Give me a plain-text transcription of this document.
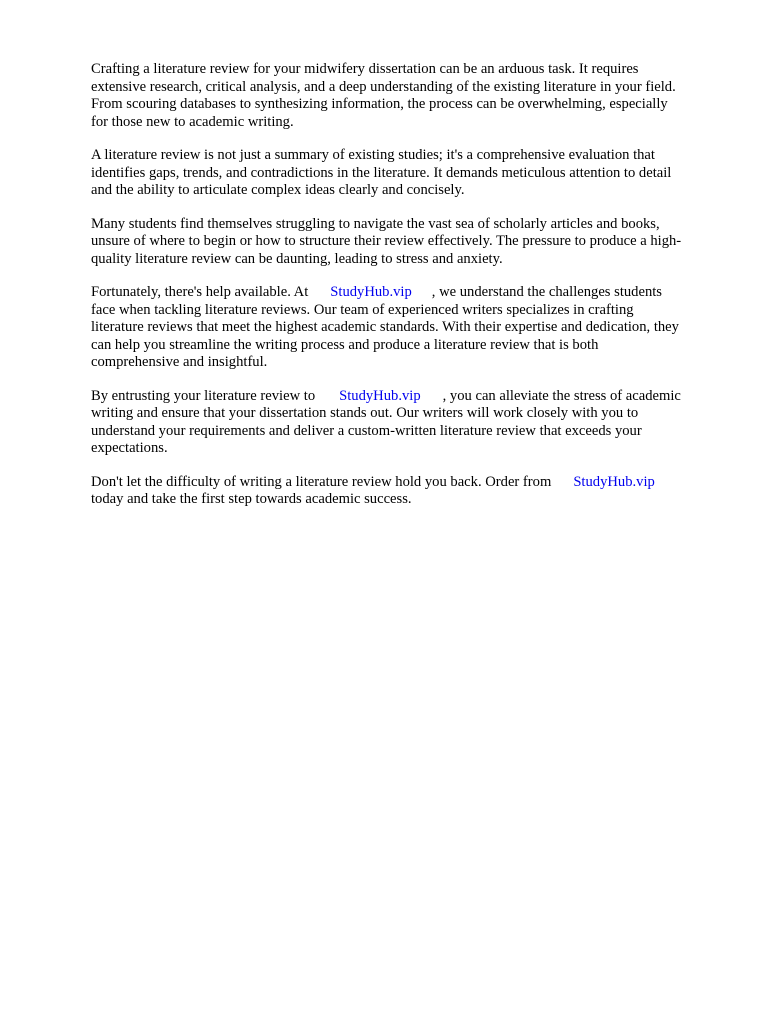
Crafting a literature review for your midwifery dissertation can be an arduous task. It requires
extensive research, critical analysis, and a deep understanding of the existing literature in your field.
From scouring databases to synthesizing information, the process can be overwhelming, especially
for those new to academic writing.

A literature review is not just a summary of existing studies; it's a comprehensive evaluation that
identifies gaps, trends, and contradictions in the literature. It demands meticulous attention to detail
and the ability to articulate complex ideas clearly and concisely.

Many students find themselves struggling to navigate the vast sea of scholarly articles and books,
unsure of where to begin or how to structure their review effectively. The pressure to produce a high-
quality literature review can be daunting, leading to stress and anxiety.

Fortunately, there's help available. At StudyHub.vip , we understand the challenges students
face when tackling literature reviews. Our team of experienced writers specializes in crafting
literature reviews that meet the highest academic standards. With their expertise and dedication, they
can help you streamline the writing process and produce a literature review that is both
comprehensive and insightful.

By entrusting your literature review to StudyHub.vip , you can alleviate the stress of academic
writing and ensure that your dissertation stands out. Our writers will work closely with you to
understand your requirements and deliver a custom-written literature review that exceeds your
expectations.

Don't let the difficulty of writing a literature review hold you back. Order from StudyHub.vip
today and take the first step towards academic success.
